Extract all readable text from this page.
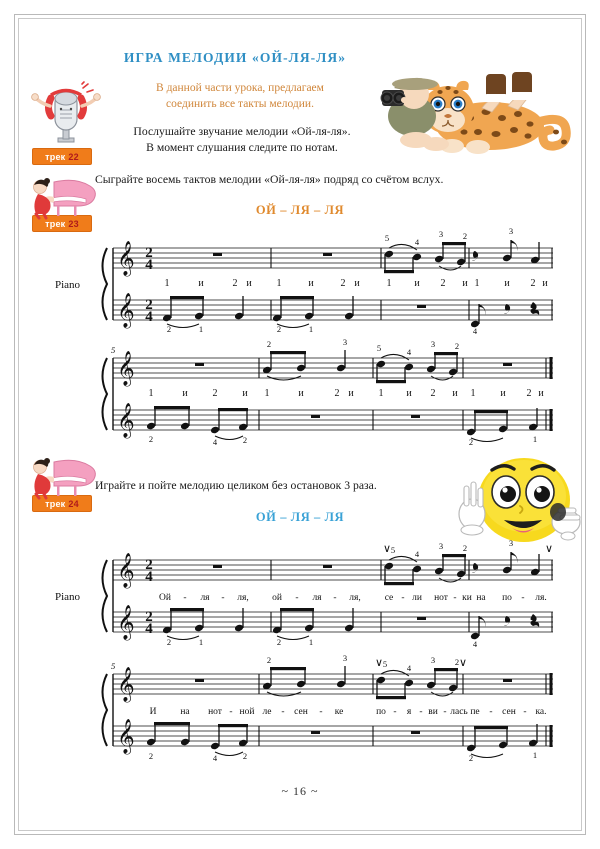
ИГРА МЕЛОДИИ «ОЙ-ЛЯ-ЛЯ»
В данной части урока, предлагаем
соединить все такты мелодии.
Послушайте звучание мелодии «Ой-ля-ля».
В момент слушания следите по нотам.
Сыграйте восемь тактов мелодии «Ой-ля-ля» подряд со счётом вслух.
Играйте и пойте мелодию целиком без остановок 3 раза.
ОЙ – ЛЯ – ЛЯ
ОЙ – ЛЯ – ЛЯ
~ 16 ~
трек 22
трек 23
трек 24
Piano
𝄞
𝄞
2
4
2
4
1	и	2 и 1	и	2 и	1 и 2 и 1 и 2 и
2	1	2	1
5	4
3 2	3
4
5
𝄞
𝄞
1	и 2 и 1	и	2 и 1 и 2 и 1 и 2 и
2	4	2
2	3
5	4
3 2
2	1
Piano
𝄞
𝄞
2
4
2
4
∨	∨
Ой - ля - ля, ой - ля - ля,	се - ли нот - ки на по - ля.
2	1	2	1
5 4
3 2	3
4
5
𝄞
𝄞
∨	∨
И	на нот - ной ле - сен - ке	по - я - ви - лась пе - сен - ка.
2	4	2
2	3
5 4
3 2
2	1
